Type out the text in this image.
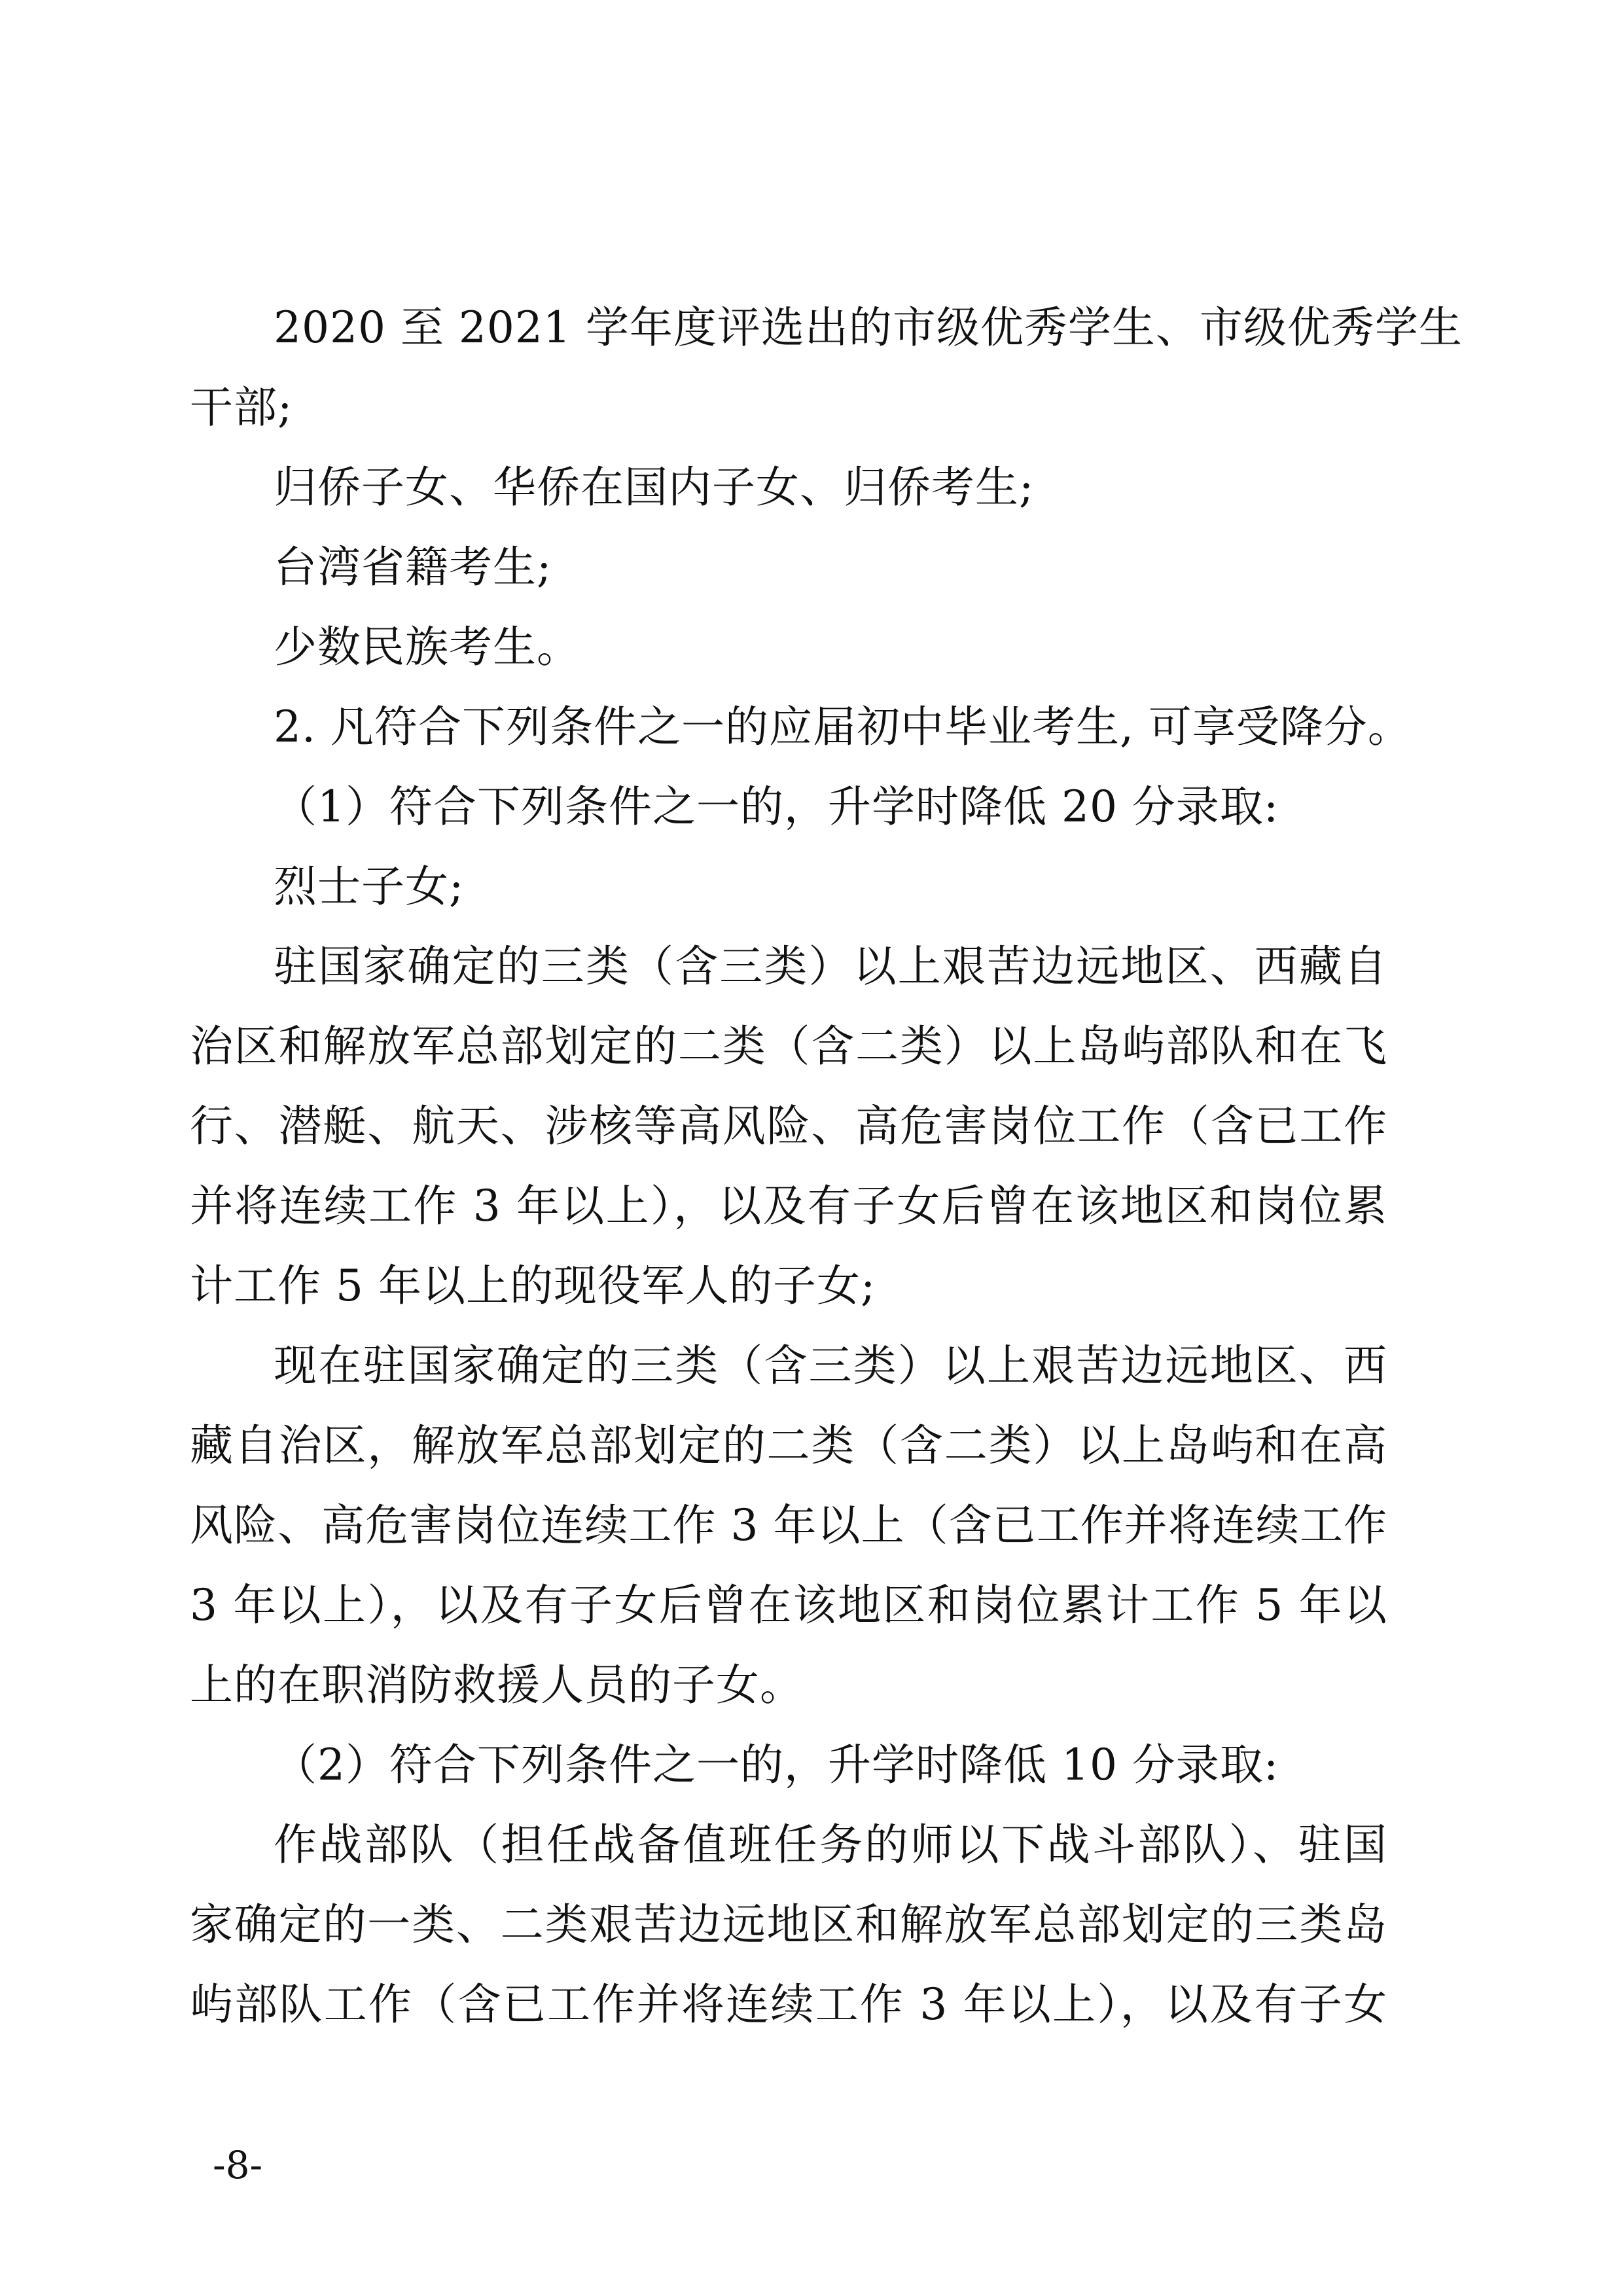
2020 至 2021 学年度评选出的市级优秀学生、市级优秀学生
干部;
归侨子女、华侨在国内子女、归侨考生;
台湾省籍考生;
少数民族考生。
2. 凡符合下列条件之一的应届初中毕业考生, 可享受降分。
（1）符合下列条件之一的，升学时降低 20 分录取:
烈士子女;
驻国家确定的三类（含三类）以上艰苦边远地区、西藏自
治区和解放军总部划定的二类（含二类）以上岛屿部队和在飞
行、潜艇、航天、涉核等高风险、高危害岗位工作（含已工作
并将连续工作 3 年以上），以及有子女后曾在该地区和岗位累
计工作 5 年以上的现役军人的子女;
现在驻国家确定的三类（含三类）以上艰苦边远地区、西
藏自治区，解放军总部划定的二类（含二类）以上岛屿和在高
风险、高危害岗位连续工作 3 年以上（含已工作并将连续工作
3 年以上），以及有子女后曾在该地区和岗位累计工作 5 年以
上的在职消防救援人员的子女。
（2）符合下列条件之一的，升学时降低 10 分录取:
作战部队（担任战备值班任务的师以下战斗部队）、驻国
家确定的一类、二类艰苦边远地区和解放军总部划定的三类岛
屿部队工作（含已工作并将连续工作 3 年以上），以及有子女
-8-
